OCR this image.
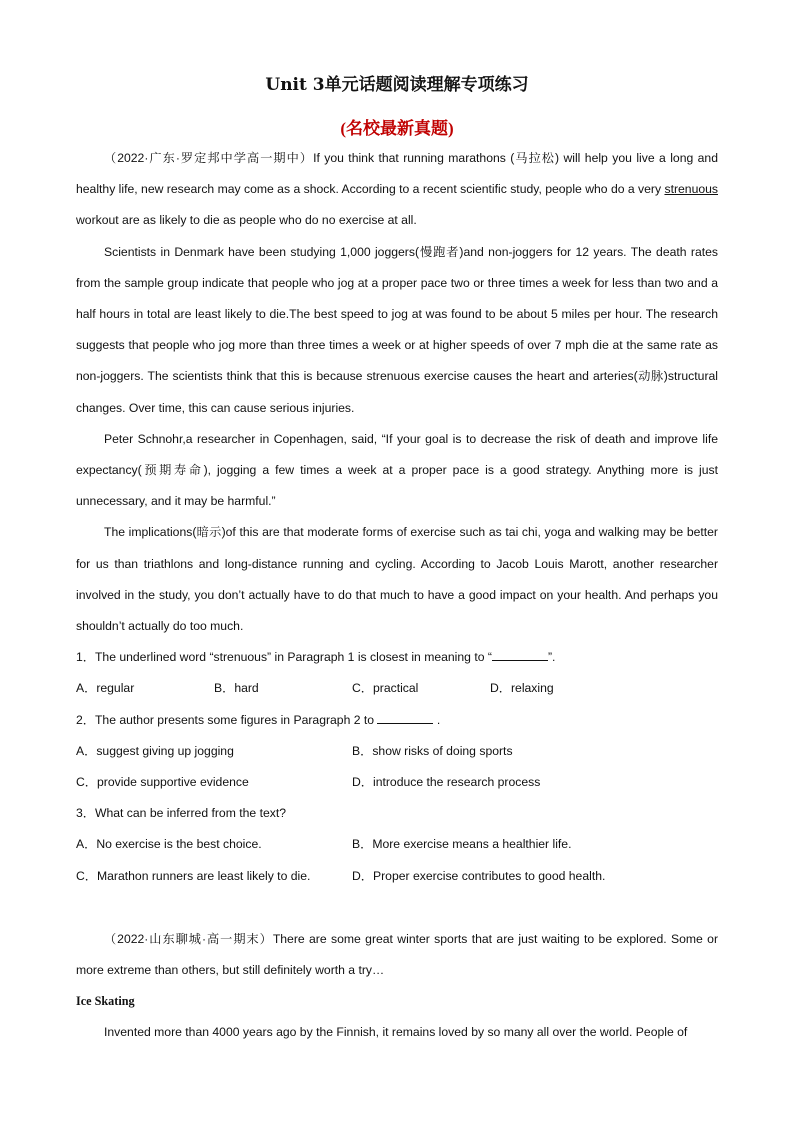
Unit 3单元话题阅读理解专项练习
(名校最新真题)

（2022·广东·罗定邦中学高一期中）If you think that running marathons (马拉松) will help you live a long and healthy life, new research may come as a shock. According to a recent scientific study, people who do a very strenuous workout are as likely to die as people who do no exercise at all.

Scientists in Denmark have been studying 1,000 joggers(慢跑者)and non-joggers for 12 years. The death rates from the sample group indicate that people who jog at a proper pace two or three times a week for less than two and a half hours in total are least likely to die.The best speed to jog at was found to be about 5 miles per hour. The research suggests that people who jog more than three times a week or at higher speeds of over 7 mph die at the same rate as non-joggers. The scientists think that this is because strenuous exercise causes the heart and arteries(动脉)structural changes. Over time, this can cause serious injuries.

Peter Schnohr,a researcher in Copenhagen, said, “If your goal is to decrease the risk of death and improve life expectancy(预期寿命), jogging a few times a week at a proper pace is a good strategy. Anything more is just unnecessary, and it may be harmful.”

The implications(暗示)of this are that moderate forms of exercise such as tai chi, yoga and walking may be better for us than triathlons and long-distance running and cycling. According to Jacob Louis Marott, another researcher involved in the study, you don’t actually have to do that much to have a good impact on your health. And perhaps you shouldn’t actually do too much.

1．The underlined word “strenuous” in Paragraph 1 is closest in meaning to “	”.

A．regular	B．hard	C．practical	D．relaxing

2．The author presents some figures in Paragraph 2 to	.

A．suggest giving up jogging	B．show risks of doing sports
C．provide supportive evidence	D．introduce the research process

3．What can be inferred from the text?

A．No exercise is the best choice.	B．More exercise means a healthier life.
C．Marathon runners are least likely to die.	D．Proper exercise contributes to good health.

（2022·山东聊城·高一期末）There are some great winter sports that are just waiting to be explored. Some or more extreme than others, but still definitely worth a try…

Ice Skating

Invented more than 4000 years ago by the Finnish, it remains loved by so many all over the world. People of
